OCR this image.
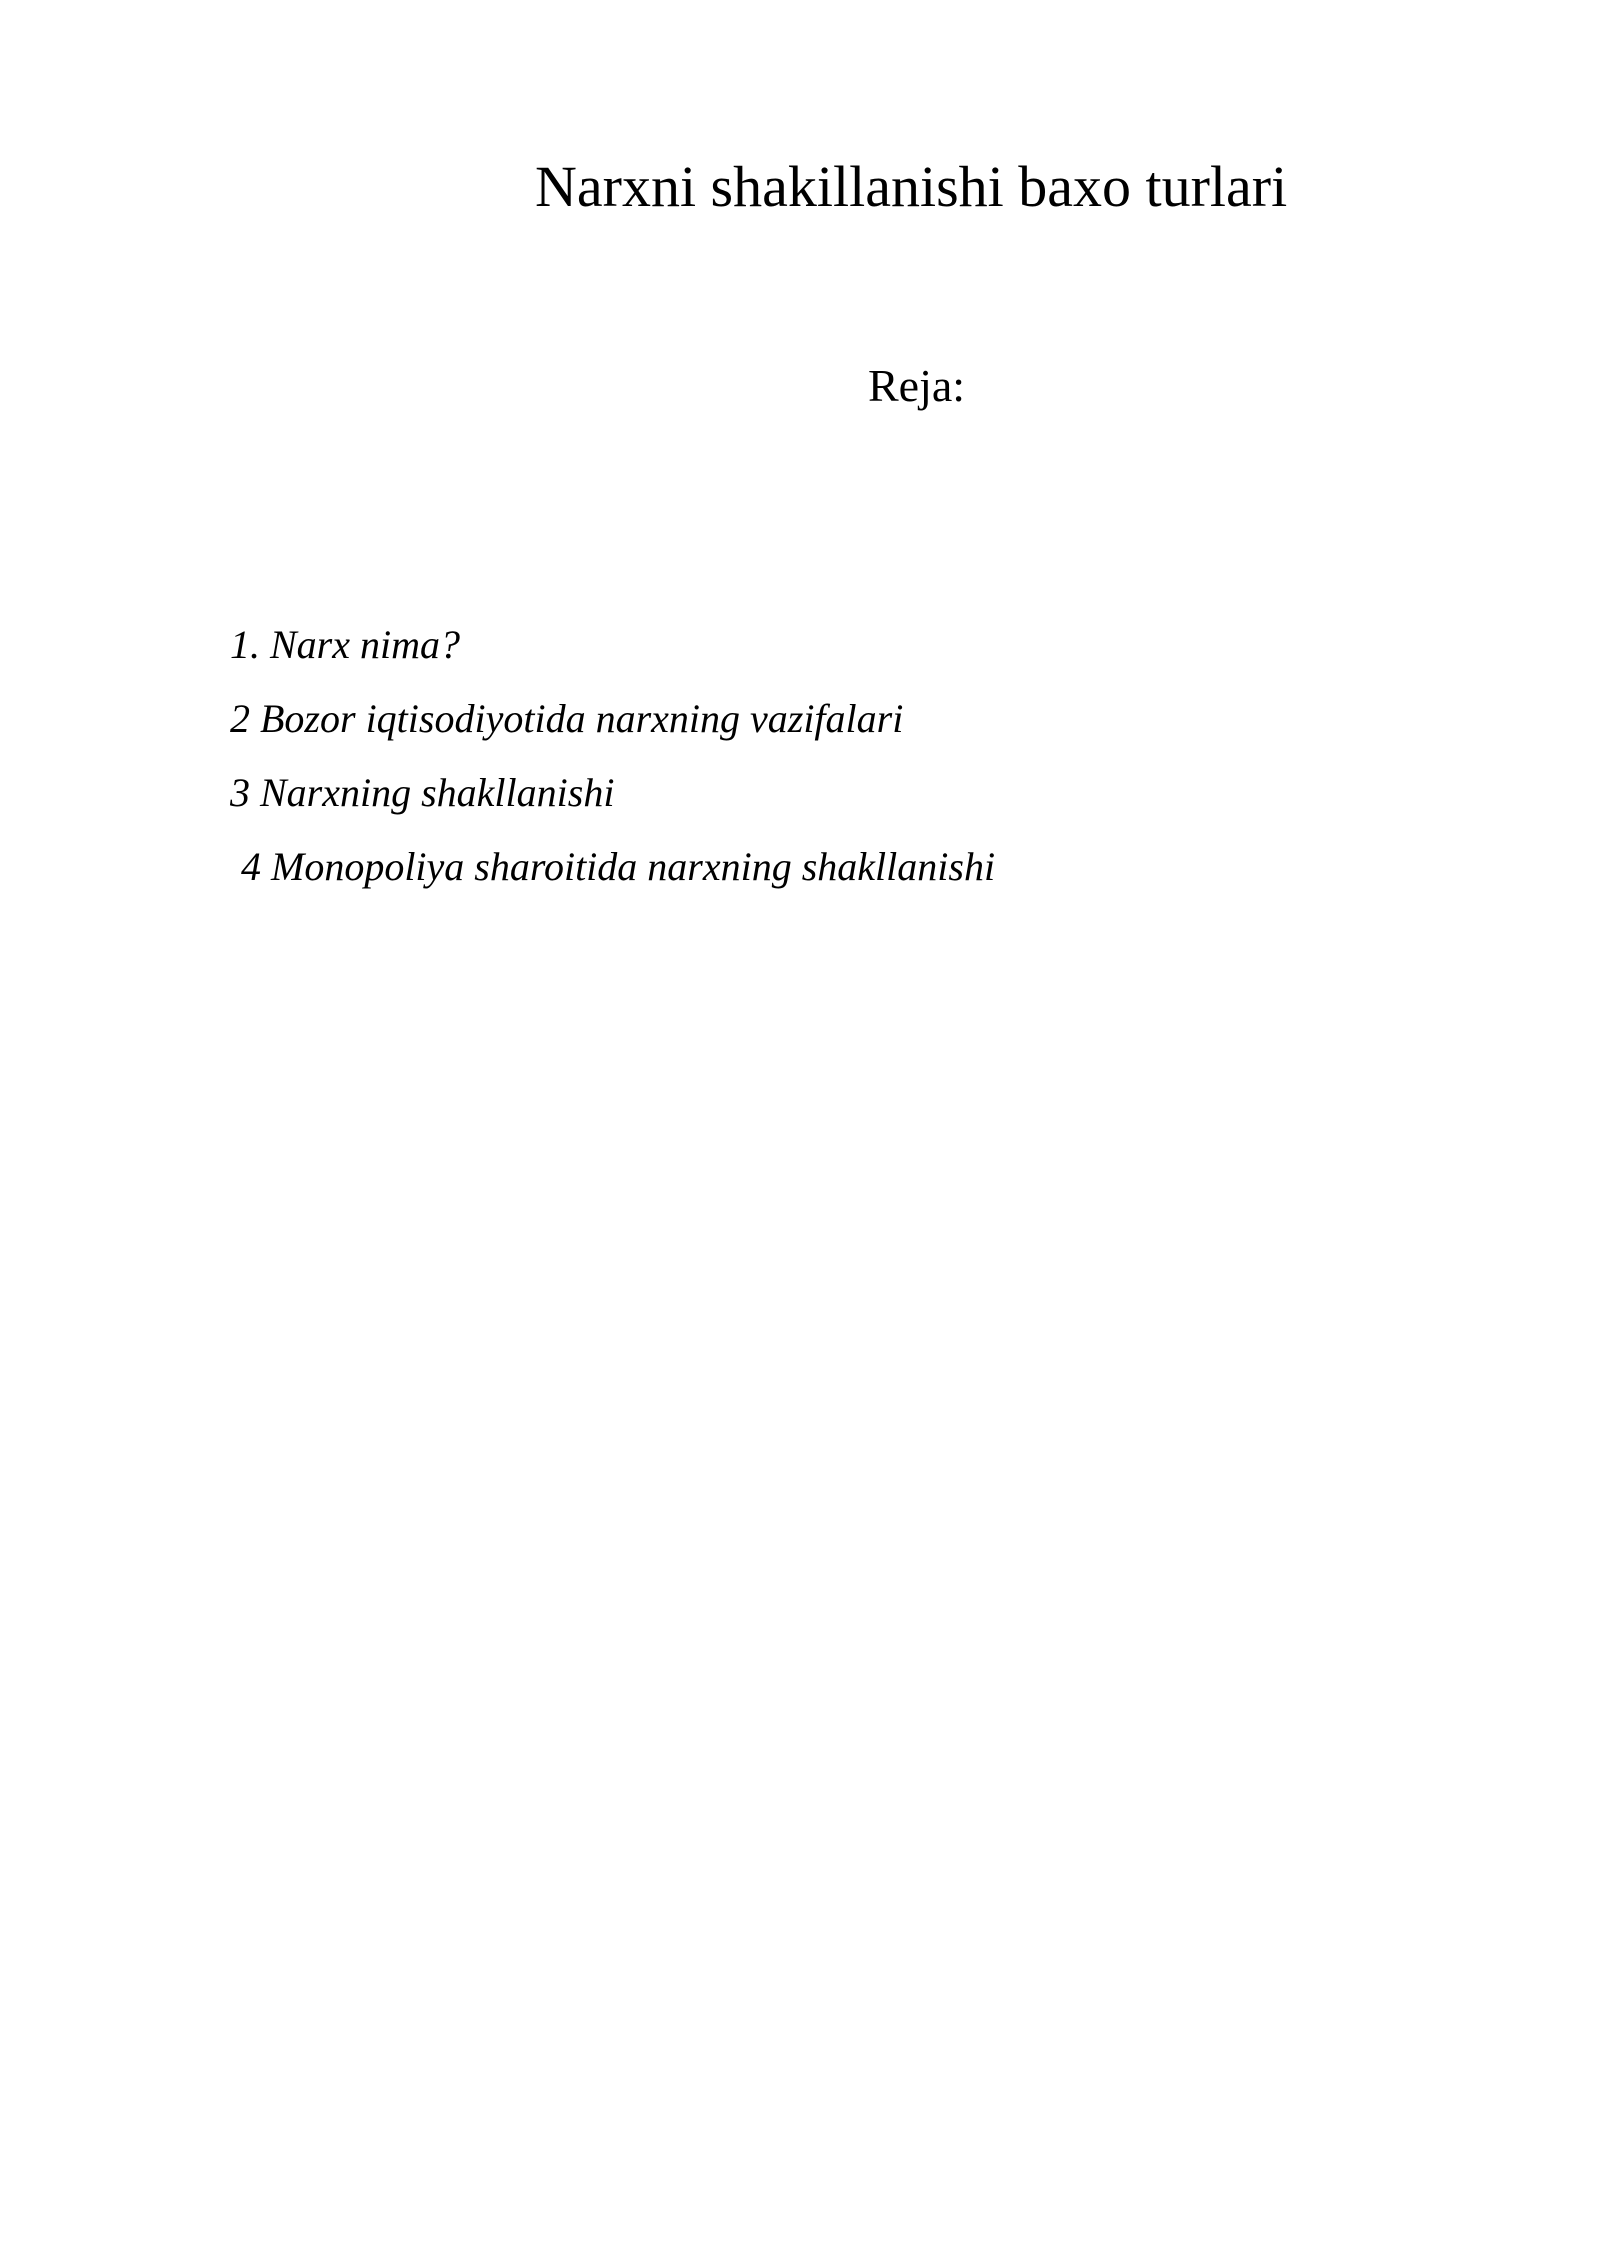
Narxni shakillanishi baxo turlari
Reja:
1. Narx nima?
2 Bozor iqtisodiyotida narxning vazifalari
3 Narxning shakllanishi
4 Monopoliya sharoitida narxning shakllanishi
